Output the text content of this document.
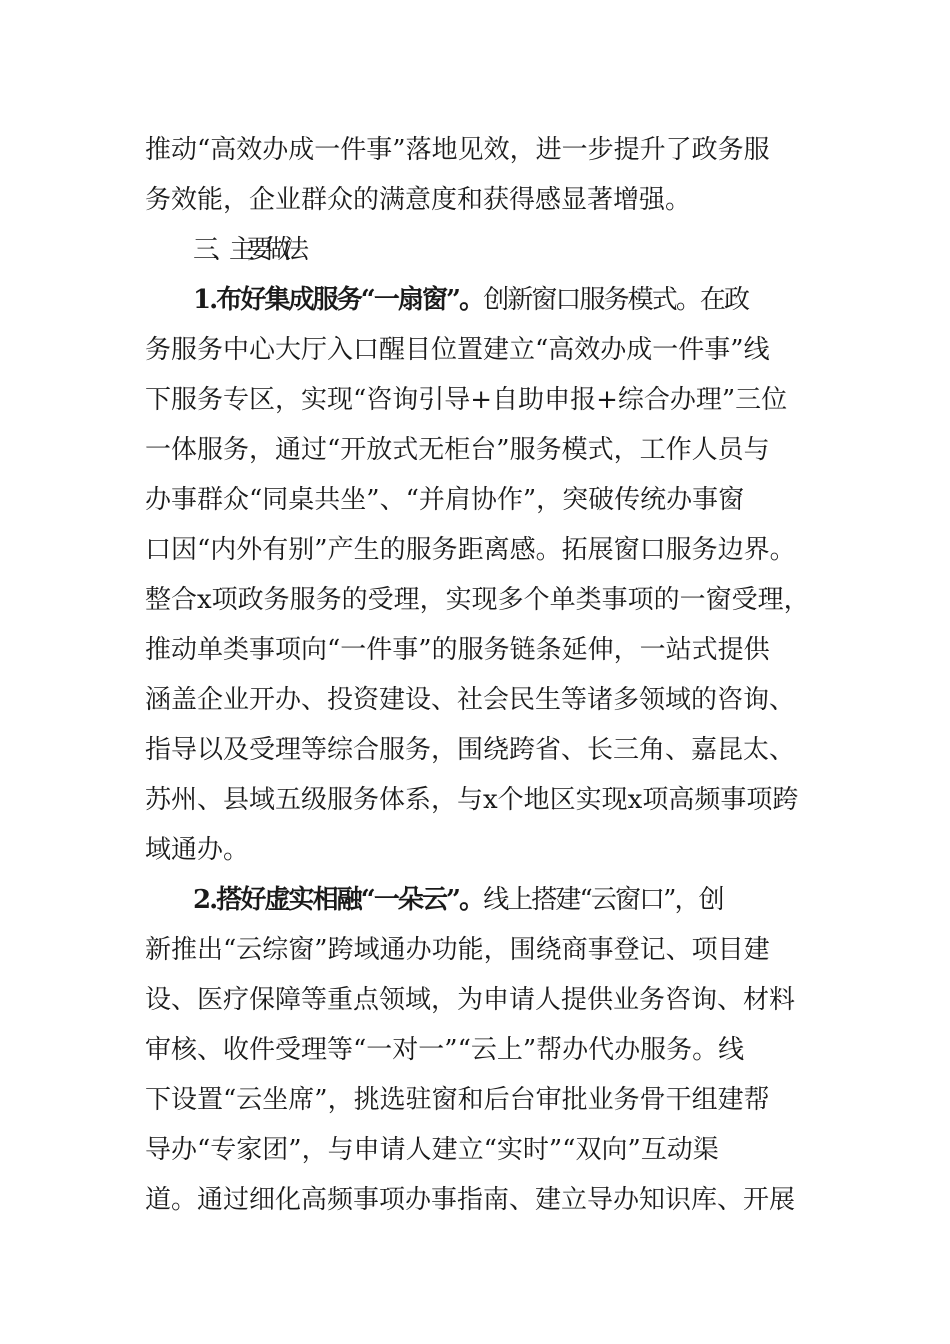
推动“高效办成一件事”落地见效，进一步提升了政务服
务效能，企业群众的满意度和获得感显著增强。
三、主要做法
1.布好集成服务“一扇窗”。创新窗口服务模式。在政
务服务中心大厅入口醒目位置建立“高效办成一件事”线
下服务专区，实现“咨询引导+自助申报+综合办理”三位
一体服务，通过“开放式无柜台”服务模式，工作人员与
办事群众“同桌共坐”、“并肩协作”，突破传统办事窗
口因“内外有别”产生的服务距离感。拓展窗口服务边界。
整合x项政务服务的受理，实现多个单类事项的一窗受理，
推动单类事项向“一件事”的服务链条延伸，一站式提供
涵盖企业开办、投资建设、社会民生等诸多领域的咨询、
指导以及受理等综合服务，围绕跨省、长三角、嘉昆太、
苏州、县域五级服务体系，与x个地区实现x项高频事项跨
域通办。
2.搭好虚实相融“一朵云”。线上搭建“云窗口”，创
新推出“云综窗”跨域通办功能，围绕商事登记、项目建
设、医疗保障等重点领域，为申请人提供业务咨询、材料
审核、收件受理等“一对一”“云上”帮办代办服务。线
下设置“云坐席”，挑选驻窗和后台审批业务骨干组建帮
导办“专家团”，与申请人建立“实时”“双向”互动渠
道。通过细化高频事项办事指南、建立导办知识库、开展
